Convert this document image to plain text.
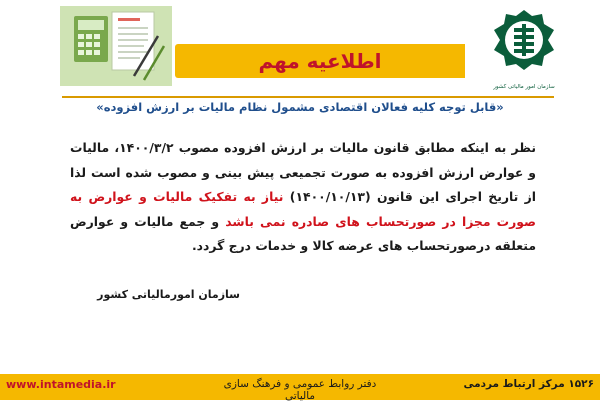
اطلاعیه مهم
سازمان امور مالیاتی کشور
«قابل توجه کلیه فعالان اقتصادی مشمول نظام مالیات بر ارزش افزوده»
نظر به اینکه مطابق قانون مالیات بر ارزش افزوده مصوب ۱۴۰۰/۳/۲، مالیات و عوارض ارزش افزوده به صورت تجمیعی پیش بینی و مصوب شده است لذا از تاریخ اجرای این قانون (۱۴۰۰/۱۰/۱۳) نیاز به تفکیک مالیات و عوارض به صورت مجزا در صورتحساب های صادره نمی باشد و جمع مالیات و عوارض متعلقه درصورتحساب های عرضه کالا و خدمات درج گردد.
سازمان امورمالیاتی کشور
www.intamedia.ir	دفتر روابط عمومی و فرهنگ سازی مالیاتی
۱۵۲۶ مرکز ارتباط مردمی
